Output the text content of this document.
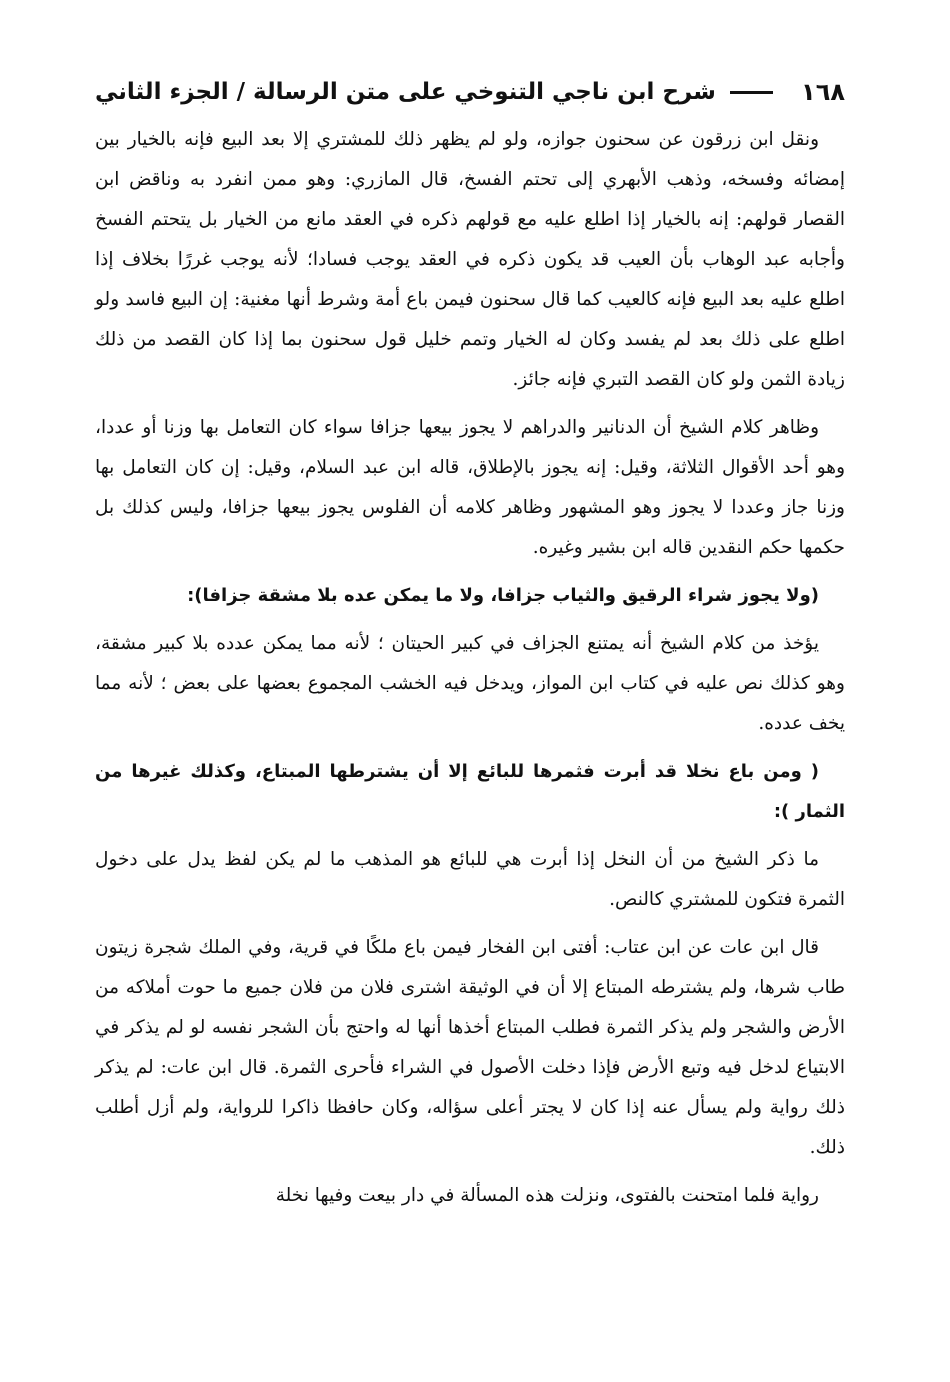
١٦٨
شرح ابن ناجي التنوخي على متن الرسالة / الجزء الثاني

ونقل ابن زرقون عن سحنون جوازه، ولو لم يظهر ذلك للمشتري إلا بعد البيع فإنه بالخيار بين إمضائه وفسخه، وذهب الأبهري إلى تحتم الفسخ، قال المازري: وهو ممن انفرد به وناقض ابن القصار قولهم: إنه بالخيار إذا اطلع عليه مع قولهم ذكره في العقد مانع من الخيار بل يتحتم الفسخ وأجابه عبد الوهاب بأن العيب قد يكون ذكره في العقد يوجب فسادا؛ لأنه يوجب غررًا بخلاف إذا اطلع عليه بعد البيع فإنه كالعيب كما قال سحنون فيمن باع أمة وشرط أنها مغنية: إن البيع فاسد ولو اطلع على ذلك بعد لم يفسد وكان له الخيار وتمم خليل قول سحنون بما إذا كان القصد من ذلك زيادة الثمن ولو كان القصد التبري فإنه جائز.

وظاهر كلام الشيخ أن الدنانير والدراهم لا يجوز بيعها جزافا سواء كان التعامل بها وزنا أو عددا، وهو أحد الأقوال الثلاثة، وقيل: إنه يجوز بالإطلاق، قاله ابن عبد السلام، وقيل: إن كان التعامل بها وزنا جاز وعددا لا يجوز وهو المشهور وظاهر كلامه أن الفلوس يجوز بيعها جزافا، وليس كذلك بل حكمها حكم النقدين قاله ابن بشير وغيره.

(ولا يجوز شراء الرقيق والثياب جزافا، ولا ما يمكن عده بلا مشقة جزافا):

يؤخذ من كلام الشيخ أنه يمتنع الجزاف في كبير الحيتان ؛ لأنه مما يمكن عدده بلا كبير مشقة، وهو كذلك نص عليه في كتاب ابن المواز، ويدخل فيه الخشب المجموع بعضها على بعض ؛ لأنه مما يخف عدده.

( ومن باع نخلا قد أبرت فثمرها للبائع إلا أن يشترطها المبتاع، وكذلك غيرها من الثمار ):

ما ذكر الشيخ من أن النخل إذا أبرت هي للبائع هو المذهب ما لم يكن لفظ يدل على دخول الثمرة فتكون للمشتري كالنص.

قال ابن عات عن ابن عتاب: أفتى ابن الفخار فيمن باع ملكًا في قرية، وفي الملك شجرة زيتون طاب شرها، ولم يشترطه المبتاع إلا أن في الوثيقة اشترى فلان من فلان جميع ما حوت أملاكه من الأرض والشجر ولم يذكر الثمرة فطلب المبتاع أخذها أنها له واحتج بأن الشجر نفسه لو لم يذكر في الابتياع لدخل فيه وتبع الأرض فإذا دخلت الأصول في الشراء فأحرى الثمرة. قال ابن عات: لم يذكر ذلك رواية ولم يسأل عنه إذا كان لا يجتر أعلى سؤاله، وكان حافظا ذاكرا للرواية، ولم أزل أطلب ذلك.

رواية فلما امتحنت بالفتوى، ونزلت هذه المسألة في دار بيعت وفيها نخلة
